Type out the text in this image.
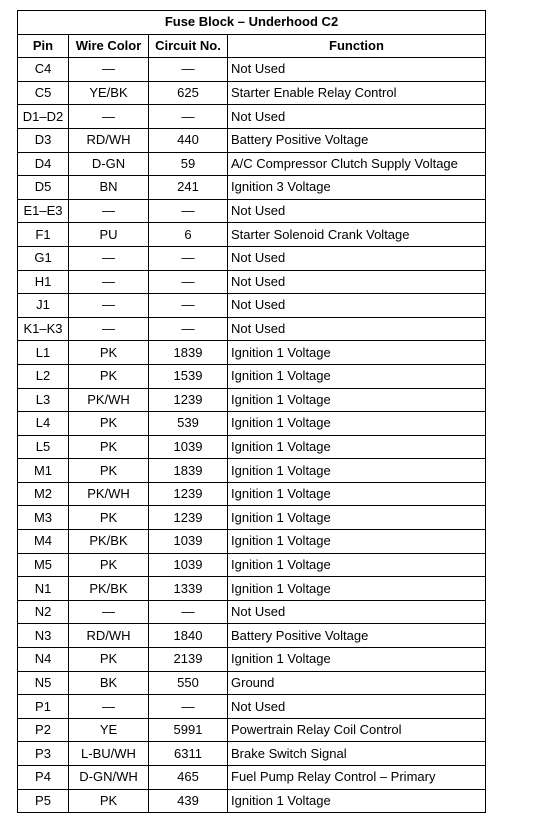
Fuse Block – Underhood C2			
Pin	Wire Color	Circuit No.	Function
C4	—	—	Not Used
C5	YE/BK	625	Starter Enable Relay Control
D1–D2	—	—	Not Used
D3	RD/WH	440	Battery Positive Voltage
D4	D-GN	59	A/C Compressor Clutch Supply Voltage
D5	BN	241	Ignition 3 Voltage
E1–E3	—	—	Not Used
F1	PU	6	Starter Solenoid Crank Voltage
G1	—	—	Not Used
H1	—	—	Not Used
J1	—	—	Not Used
K1–K3	—	—	Not Used
L1	PK	1839	Ignition 1 Voltage
L2	PK	1539	Ignition 1 Voltage
L3	PK/WH	1239	Ignition 1 Voltage
L4	PK	539	Ignition 1 Voltage
L5	PK	1039	Ignition 1 Voltage
M1	PK	1839	Ignition 1 Voltage
M2	PK/WH	1239	Ignition 1 Voltage
M3	PK	1239	Ignition 1 Voltage
M4	PK/BK	1039	Ignition 1 Voltage
M5	PK	1039	Ignition 1 Voltage
N1	PK/BK	1339	Ignition 1 Voltage
N2	—	—	Not Used
N3	RD/WH	1840	Battery Positive Voltage
N4	PK	2139	Ignition 1 Voltage
N5	BK	550	Ground
P1	—	—	Not Used
P2	YE	5991	Powertrain Relay Coil Control
P3	L-BU/WH	6311	Brake Switch Signal
P4	D-GN/WH	465	Fuel Pump Relay Control – Primary
P5	PK	439	Ignition 1 Voltage
